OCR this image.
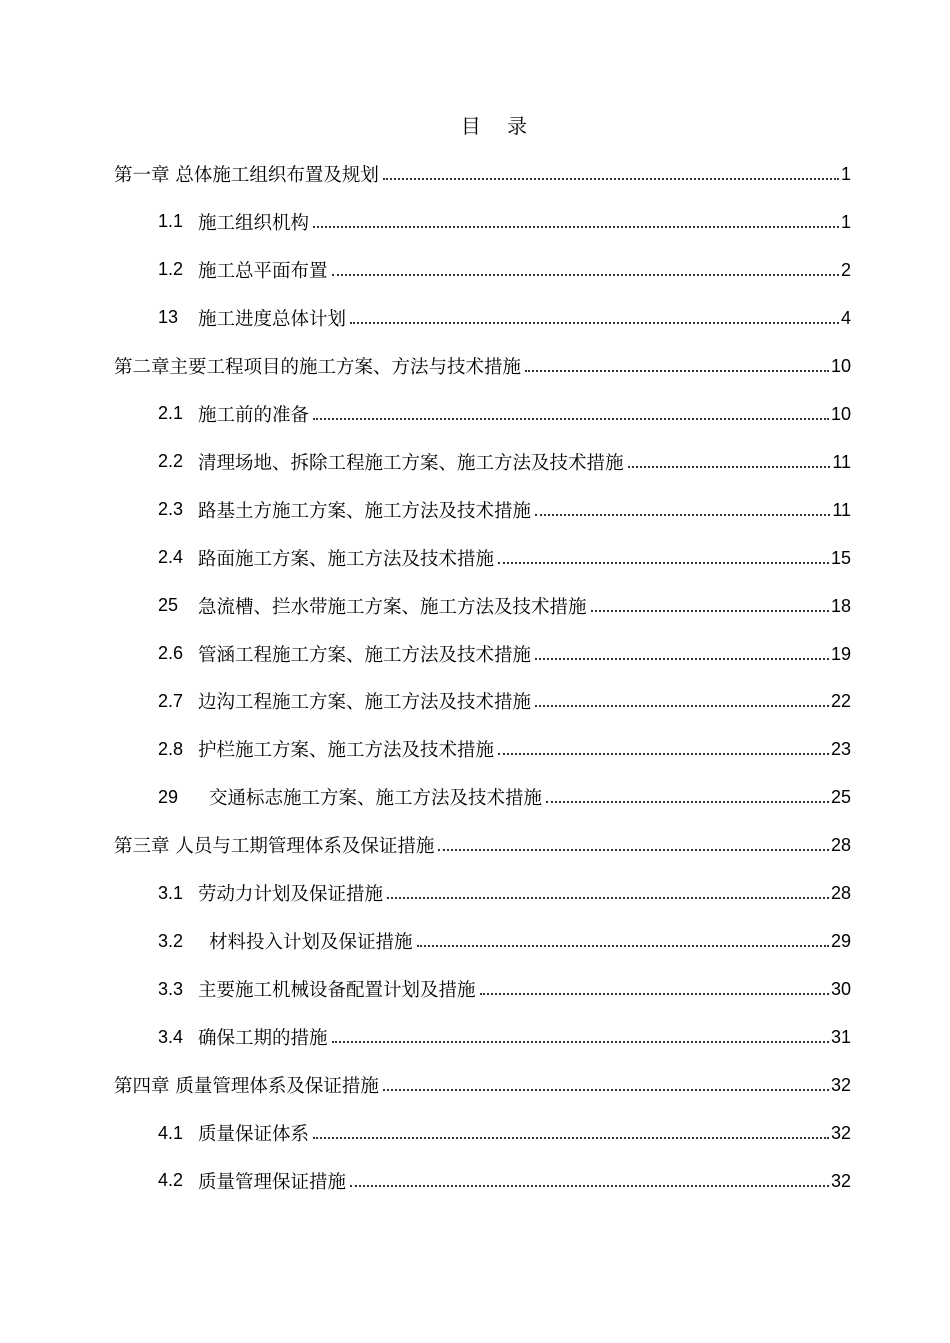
目 录
第一章 总体施工组织布置及规划	1
1.1 施工组织机构	1
1.2 施工总平面布置	2
13 施工进度总体计划	4
第二章主要工程项目的施工方案、方法与技术措施	10
2.1 施工前的准备	10
2.2 清理场地、拆除工程施工方案、施工方法及技术措施	11
2.3 路基土方施工方案、施工方法及技术措施	11
2.4 路面施工方案、施工方法及技术措施	15
25 急流槽、拦水带施工方案、施工方法及技术措施	18
2.6 管涵工程施工方案、施工方法及技术措施	19
2.7 边沟工程施工方案、施工方法及技术措施	22
2.8 护栏施工方案、施工方法及技术措施	23
29 交通标志施工方案、施工方法及技术措施	25
第三章 人员与工期管理体系及保证措施	28
3.1 劳动力计划及保证措施	28
3.2 材料投入计划及保证措施	29
3.3 主要施工机械设备配置计划及措施	30
3.4 确保工期的措施	31
第四章 质量管理体系及保证措施	32
4.1 质量保证体系	32
4.2 质量管理保证措施	32
